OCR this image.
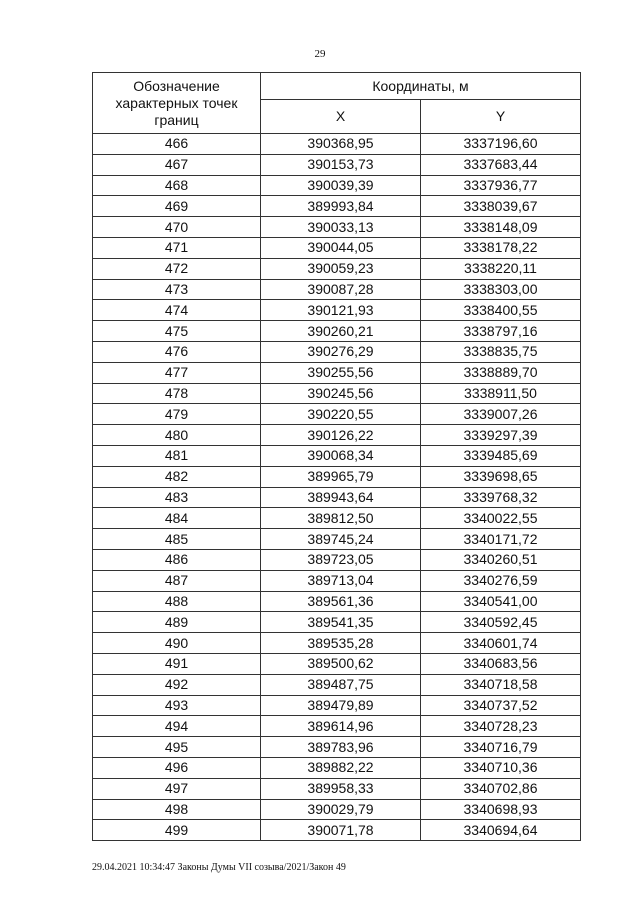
29
Обозначение характерных точек границ	Координаты, м	
	X	Y
466	390368,95	3337196,60
467	390153,73	3337683,44
468	390039,39	3337936,77
469	389993,84	3338039,67
470	390033,13	3338148,09
471	390044,05	3338178,22
472	390059,23	3338220,11
473	390087,28	3338303,00
474	390121,93	3338400,55
475	390260,21	3338797,16
476	390276,29	3338835,75
477	390255,56	3338889,70
478	390245,56	3338911,50
479	390220,55	3339007,26
480	390126,22	3339297,39
481	390068,34	3339485,69
482	389965,79	3339698,65
483	389943,64	3339768,32
484	389812,50	3340022,55
485	389745,24	3340171,72
486	389723,05	3340260,51
487	389713,04	3340276,59
488	389561,36	3340541,00
489	389541,35	3340592,45
490	389535,28	3340601,74
491	389500,62	3340683,56
492	389487,75	3340718,58
493	389479,89	3340737,52
494	389614,96	3340728,23
495	389783,96	3340716,79
496	389882,22	3340710,36
497	389958,33	3340702,86
498	390029,79	3340698,93
499	390071,78	3340694,64
29.04.2021 10:34:47 Законы Думы VII созыва/2021/Закон 49
